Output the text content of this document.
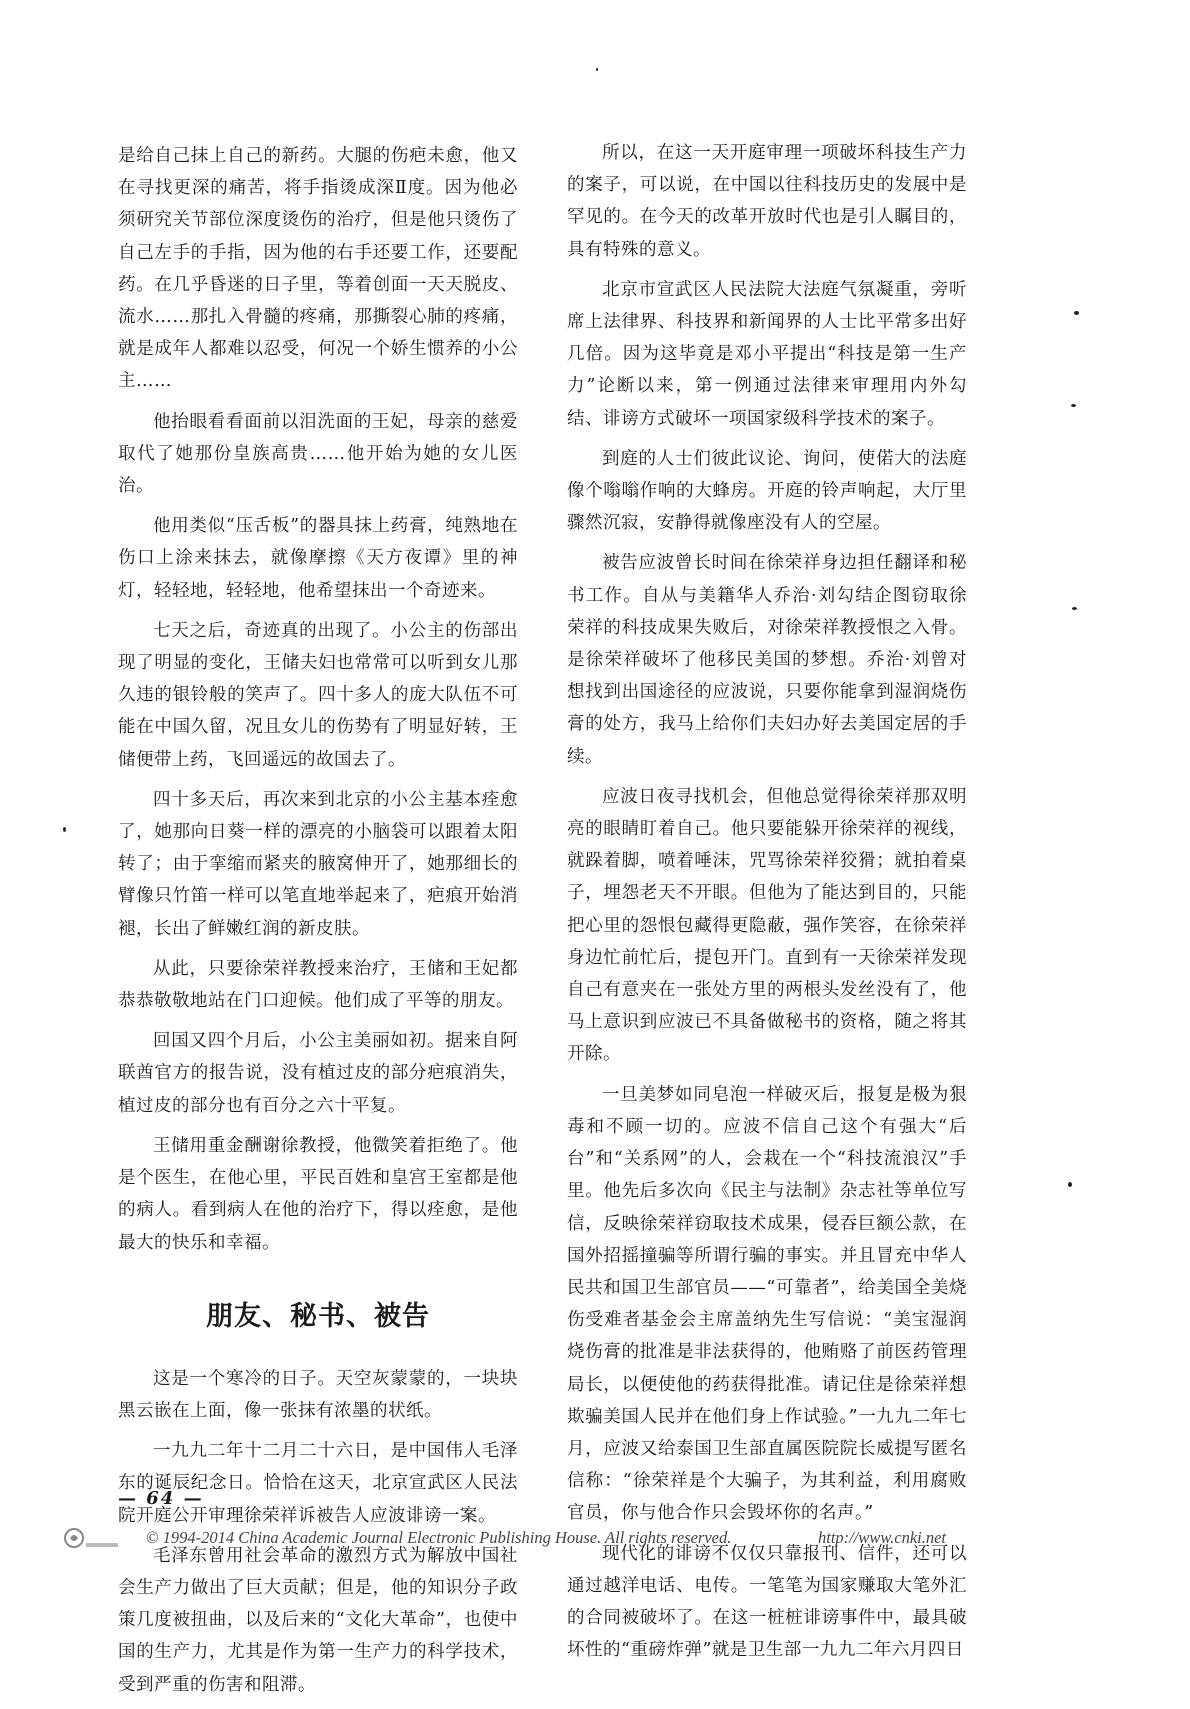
是给自己抹上自己的新药。大腿的伤疤未愈，他又在寻找更深的痛苦，将手指烫成深Ⅱ度。因为他必须研究关节部位深度烫伤的治疗，但是他只烫伤了自己左手的手指，因为他的右手还要工作，还要配药。在几乎昏迷的日子里，等着创面一天天脱皮、流水……那扎入骨髓的疼痛，那撕裂心肺的疼痛，就是成年人都难以忍受，何况一个娇生惯养的小公主……

他抬眼看看面前以泪洗面的王妃，母亲的慈爱取代了她那份皇族高贵……他开始为她的女儿医治。

他用类似“压舌板”的器具抹上药膏，纯熟地在伤口上涂来抹去，就像摩擦《天方夜谭》里的神灯，轻轻地，轻轻地，他希望抹出一个奇迹来。

七天之后，奇迹真的出现了。小公主的伤部出现了明显的变化，王储夫妇也常常可以听到女儿那久违的银铃般的笑声了。四十多人的庞大队伍不可能在中国久留，况且女儿的伤势有了明显好转，王储便带上药，飞回遥远的故国去了。

四十多天后，再次来到北京的小公主基本痊愈了，她那向日葵一样的漂亮的小脑袋可以跟着太阳转了；由于挛缩而紧夹的腋窝伸开了，她那细长的臂像只竹笛一样可以笔直地举起来了，疤痕开始消褪，长出了鲜嫩红润的新皮肤。

从此，只要徐荣祥教授来治疗，王储和王妃都恭恭敬敬地站在门口迎候。他们成了平等的朋友。

回国又四个月后，小公主美丽如初。据来自阿联酋官方的报告说，没有植过皮的部分疤痕消失，植过皮的部分也有百分之六十平复。

王储用重金酬谢徐教授，他微笑着拒绝了。他是个医生，在他心里，平民百姓和皇宫王室都是他的病人。看到病人在他的治疗下，得以痊愈，是他最大的快乐和幸福。

朋友、秘书、被告

这是一个寒冷的日子。天空灰蒙蒙的，一块块黑云嵌在上面，像一张抹有浓墨的状纸。

一九九二年十二月二十六日，是中国伟人毛泽东的诞辰纪念日。恰恰在这天，北京宣武区人民法院开庭公开审理徐荣祥诉被告人应波诽谤一案。

毛泽东曾用社会革命的激烈方式为解放中国社会生产力做出了巨大贡献；但是，他的知识分子政策几度被扭曲，以及后来的“文化大革命”，也使中国的生产力，尤其是作为第一生产力的科学技术，受到严重的伤害和阻滞。

所以，在这一天开庭审理一项破坏科技生产力的案子，可以说，在中国以往科技历史的发展中是罕见的。在今天的改革开放时代也是引人瞩目的，具有特殊的意义。

北京市宣武区人民法院大法庭气氛凝重，旁听席上法律界、科技界和新闻界的人士比平常多出好几倍。因为这毕竟是邓小平提出“科技是第一生产力”论断以来，第一例通过法律来审理用内外勾结、诽谤方式破坏一项国家级科学技术的案子。

到庭的人士们彼此议论、询问，使偌大的法庭像个嗡嗡作响的大蜂房。开庭的铃声响起，大厅里骤然沉寂，安静得就像座没有人的空屋。

被告应波曾长时间在徐荣祥身边担任翻译和秘书工作。自从与美籍华人乔治·刘勾结企图窃取徐荣祥的科技成果失败后，对徐荣祥教授恨之入骨。是徐荣祥破坏了他移民美国的梦想。乔治·刘曾对想找到出国途径的应波说，只要你能拿到湿润烧伤膏的处方，我马上给你们夫妇办好去美国定居的手续。

应波日夜寻找机会，但他总觉得徐荣祥那双明亮的眼睛盯着自己。他只要能躲开徐荣祥的视线，就跺着脚，喷着唾沫，咒骂徐荣祥狡猾；就拍着桌子，埋怨老天不开眼。但他为了能达到目的，只能把心里的怨恨包藏得更隐蔽，强作笑容，在徐荣祥身边忙前忙后，提包开门。直到有一天徐荣祥发现自己有意夹在一张处方里的两根头发丝没有了，他马上意识到应波已不具备做秘书的资格，随之将其开除。

一旦美梦如同皂泡一样破灭后，报复是极为狠毒和不顾一切的。应波不信自己这个有强大“后台”和“关系网”的人，会栽在一个“科技流浪汉”手里。他先后多次向《民主与法制》杂志社等单位写信，反映徐荣祥窃取技术成果，侵吞巨额公款，在国外招摇撞骗等所谓行骗的事实。并且冒充中华人民共和国卫生部官员——“可靠者”，给美国全美烧伤受难者基金会主席盖纳先生写信说：“美宝湿润烧伤膏的批准是非法获得的，他贿赂了前医药管理局长，以便使他的药获得批准。请记住是徐荣祥想欺骗美国人民并在他们身上作试验。”一九九二年七月，应波又给泰国卫生部直属医院院长威提写匿名信称：“徐荣祥是个大骗子，为其利益，利用腐败官员，你与他合作只会毁坏你的名声。”

现代化的诽谤不仅仅只靠报刊、信件，还可以通过越洋电话、电传。一笔笔为国家赚取大笔外汇的合同被破坏了。在这一桩桩诽谤事件中，最具破坏性的“重磅炸弹”就是卫生部一九九二年六月四日

— 64 —
© 1994-2014 China Academic Journal Electronic Publishing House. All rights reserved.	http://www.cnki.net
